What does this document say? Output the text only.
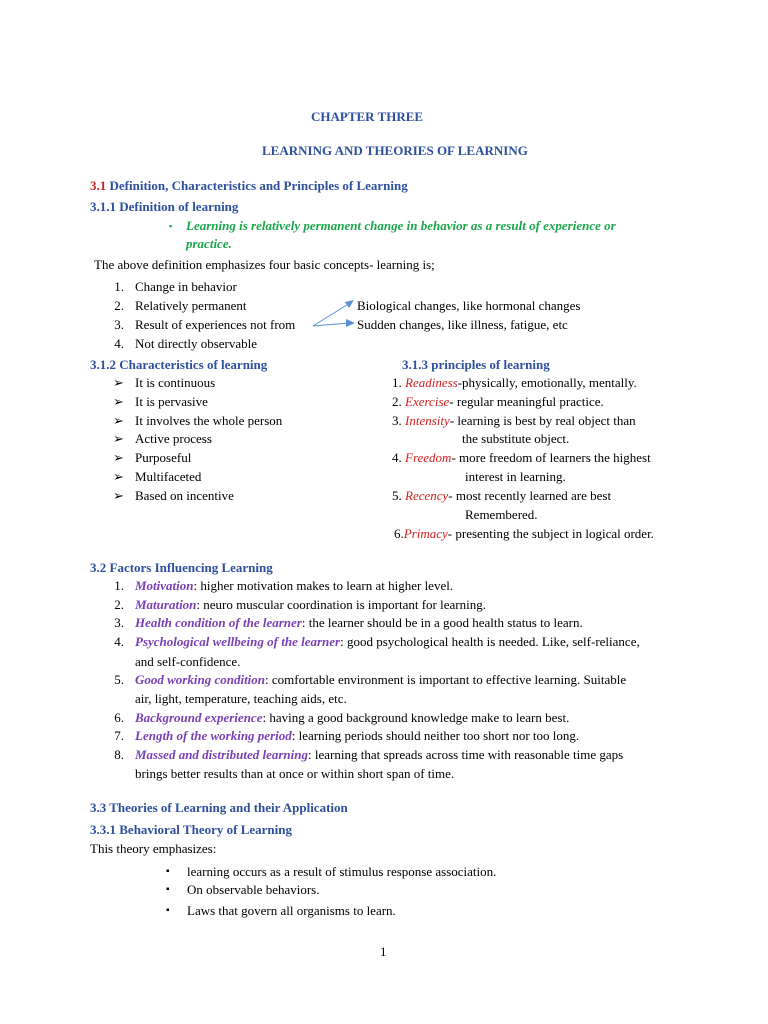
CHAPTER THREE
LEARNING AND THEORIES OF LEARNING
3.1 Definition, Characteristics and Principles of Learning
3.1.1 Definition of learning
▪ Learning is relatively permanent change in behavior as a result of experience or
practice.
The above definition emphasizes four basic concepts- learning is;
1. Change in behavior
2. Relatively permanent
3. Result of experiences not from
4. Not directly observable
Biological changes, like hormonal changes
Sudden changes, like illness, fatigue, etc
3.1.2 Characteristics of learning	3.1.3 principles of learning
➢ It is continuous
➢ It is pervasive
➢ It involves the whole person
➢ Active process
➢ Purposeful
➢ Multifaceted
➢ Based on incentive
1. Readiness-physically, emotionally, mentally.
2. Exercise- regular meaningful practice.
3. Intensity- learning is best by real object than
the substitute object.
4. Freedom- more freedom of learners the highest
interest in learning.
5. Recency- most recently learned are best
Remembered.
6.Primacy- presenting the subject in logical order.
3.2 Factors Influencing Learning
1. Motivation: higher motivation makes to learn at higher level.
2. Maturation: neuro muscular coordination is important for learning.
3. Health condition of the learner: the learner should be in a good health status to learn.
4. Psychological wellbeing of the learner: good psychological health is needed. Like, self-reliance,
and self-confidence.
5. Good working condition: comfortable environment is important to effective learning. Suitable
air, light, temperature, teaching aids, etc.
6. Background experience: having a good background knowledge make to learn best.
7. Length of the working period: learning periods should neither too short nor too long.
8. Massed and distributed learning: learning that spreads across time with reasonable time gaps
brings better results than at once or within short span of time.
3.3 Theories of Learning and their Application
3.3.1 Behavioral Theory of Learning
This theory emphasizes:
▪ learning occurs as a result of stimulus response association.
▪ On observable behaviors.
▪ Laws that govern all organisms to learn.
1
